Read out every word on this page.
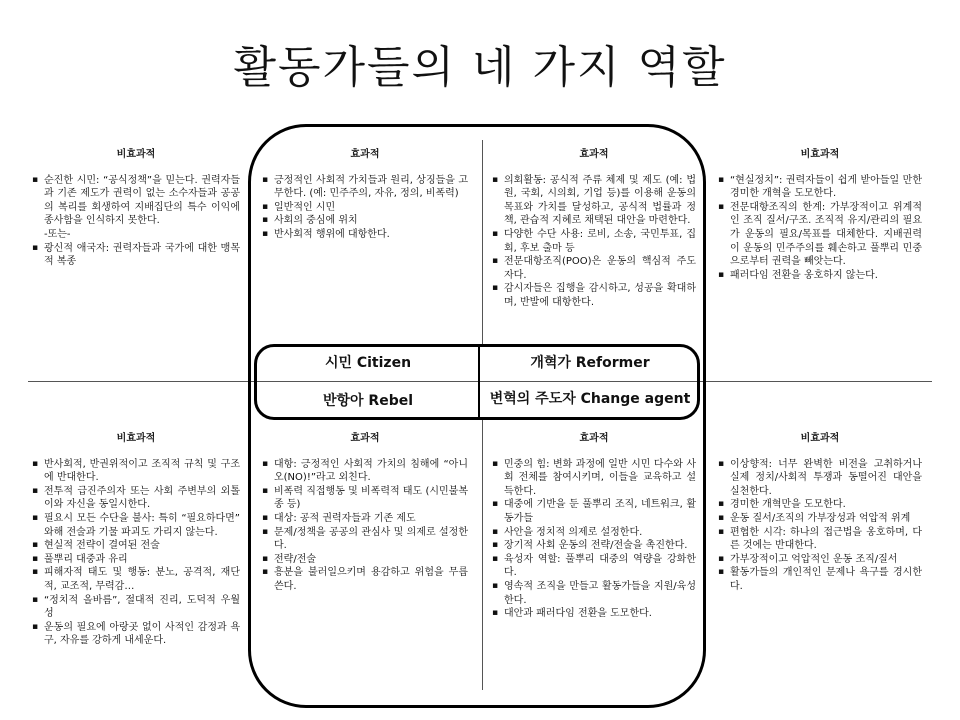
활동가들의 네 가지 역할
시민 Citizen	개혁가 Reformer
반항아 Rebel	변혁의 주도자 Change agent
비효과적
▪ 순진한 시민: “공식정책”을 믿는다. 권력자들과 기존 제도가 권력이 없는 소수자들과 공공의 복리를 회생하여 지배집단의 특수 이익에 종사함을 인식하지 못한다.
-또는-
▪ 광신적 애국자: 권력자들과 국가에 대한 맹목적 복종
효과적
▪ 긍정적인 사회적 가치들과 원리, 상징들을 고무한다. (예: 민주주의, 자유, 정의, 비폭력)
▪ 일반적인 시민
▪ 사회의 중심에 위치
▪ 반사회적 행위에 대항한다.
효과적
▪ 의회활동: 공식적 주류 체제 및 제도 (예: 법원, 국회, 시의회, 기업 등)를 이용해 운동의 목표와 가치를 달성하고, 공식적 법률과 정책, 관습적 지혜로 채택된 대안을 마련한다.
▪ 다양한 수단 사용: 로비, 소송, 국민투표, 집회, 후보 출마 등
▪ 전문대항조직(POO)은 운동의 핵심적 주도자다.
▪ 감시자들은 집행을 감시하고, 성공을 확대하며, 반발에 대항한다.
비효과적
▪ “현실정치”: 권력자들이 쉽게 받아들일 만한 경미한 개혁을 도모한다.
▪ 전문대항조직의 한계: 가부장적이고 위계적인 조직 질서/구조. 조직적 유지/관리의 필요가 운동의 필요/목표를 대체한다. 지배권력이 운동의 민주주의를 훼손하고 풀뿌리 민중으로부터 권력을 빼앗는다.
▪ 패러다임 전환을 옹호하지 않는다.
비효과적
▪ 반사회적, 반권위적이고 조직적 규칙 및 구조에 반대한다.
▪ 전투적 급진주의자 또는 사회 주변부의 외톨이와 자신을 동일시한다.
▪ 필요시 모든 수단을 불사: 특히 “필요하다면” 와해 전술과 기물 파괴도 가리지 않는다.
▪ 현실적 전략이 결여된 전술
▪ 풀뿌리 대중과 유리
▪ 피해자적 태도 및 행동: 분노, 공격적, 재단적, 교조적, 무력감…
▪ “정치적 올바름”, 절대적 진리, 도덕적 우월성
▪ 운동의 필요에 아랑곳 없이 사적인 감정과 욕구, 자유를 강하게 내세운다.
효과적
▪ 대항: 긍정적인 사회적 가치의 침해에 “아니오(NO)!”라고 외친다.
▪ 비폭력 직접행동 및 비폭력적 태도 (시민불복종 등)
▪ 대상: 공적 권력자들과 기존 제도
▪ 문제/정책을 공공의 관심사 및 의제로 설정한다.
▪ 전략/전술
▪ 흥분을 불러일으키며 용감하고 위험을 무릅쓴다.
효과적
▪ 민중의 힘: 변화 과정에 일반 시민 다수와 사회 전체를 참여시키며, 이들을 교육하고 설득한다.
▪ 대중에 기반을 둔 풀뿌리 조직, 네트워크, 활동가들
▪ 사안을 정치적 의제로 설정한다.
▪ 장기적 사회 운동의 전략/전술을 촉진한다.
▪ 육성자 역할: 풀뿌리 대중의 역량을 강화한다.
▪ 영속적 조직을 만들고 활동가들을 지원/육성한다.
▪ 대안과 패러다임 전환을 도모한다.
비효과적
▪ 이상향적: 너무 완벽한 비전을 고취하거나 실제 정치/사회적 투쟁과 동떨어진 대안을 실천한다.
▪ 경미한 개혁만을 도모한다.
▪ 운동 질서/조직의 가부장성과 억압적 위계
▪ 편협한 시각: 하나의 접근법을 옹호하며, 다른 것에는 반대한다.
▪ 가부장적이고 억압적인 운동 조직/질서
▪ 활동가들의 개인적인 문제나 욕구를 경시한다.
